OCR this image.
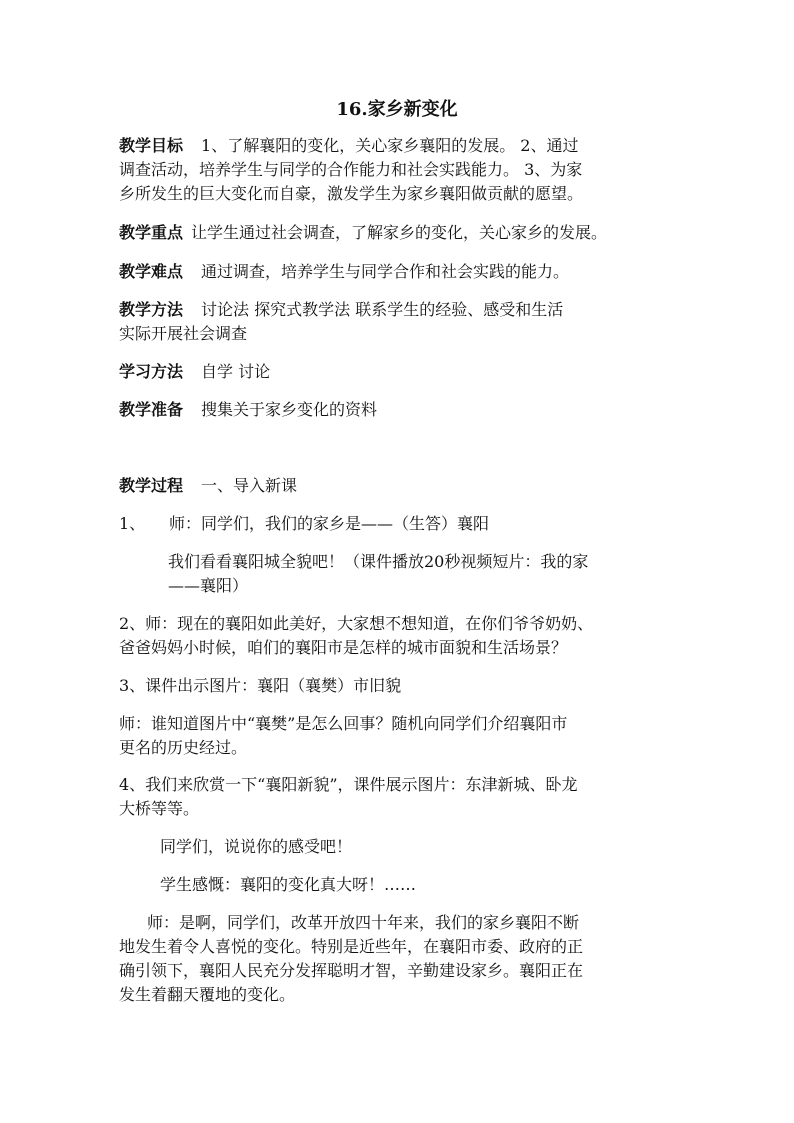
16.家乡新变化
教学目标 1、了解襄阳的变化，关心家乡襄阳的发展。 2、通过
调查活动，培养学生与同学的合作能力和社会实践能力。 3、为家
乡所发生的巨大变化而自豪，激发学生为家乡襄阳做贡献的愿望。
教学重点 让学生通过社会调查，了解家乡的变化，关心家乡的发展。
教学难点 通过调查，培养学生与同学合作和社会实践的能力。
教学方法 讨论法 探究式教学法 联系学生的经验、感受和生活
实际开展社会调查
学习方法 自学 讨论
教学准备 搜集关于家乡变化的资料
教学过程 一、导入新课
1、 师：同学们，我们的家乡是——（生答）襄阳
我们看看襄阳城全貌吧！（课件播放20秒视频短片：我的家
——襄阳）
2、师：现在的襄阳如此美好，大家想不想知道，在你们爷爷奶奶、
爸爸妈妈小时候，咱们的襄阳市是怎样的城市面貌和生活场景？
3、课件出示图片：襄阳（襄樊）市旧貌
师：谁知道图片中“襄樊”是怎么回事？随机向同学们介绍襄阳市
更名的历史经过。
4、我们来欣赏一下“襄阳新貌”，课件展示图片：东津新城、卧龙
大桥等等。
同学们，说说你的感受吧！
学生感慨：襄阳的变化真大呀！……
师：是啊，同学们，改革开放四十年来，我们的家乡襄阳不断
地发生着令人喜悦的变化。特别是近些年，在襄阳市委、政府的正
确引领下，襄阳人民充分发挥聪明才智，辛勤建设家乡。襄阳正在
发生着翻天覆地的变化。
